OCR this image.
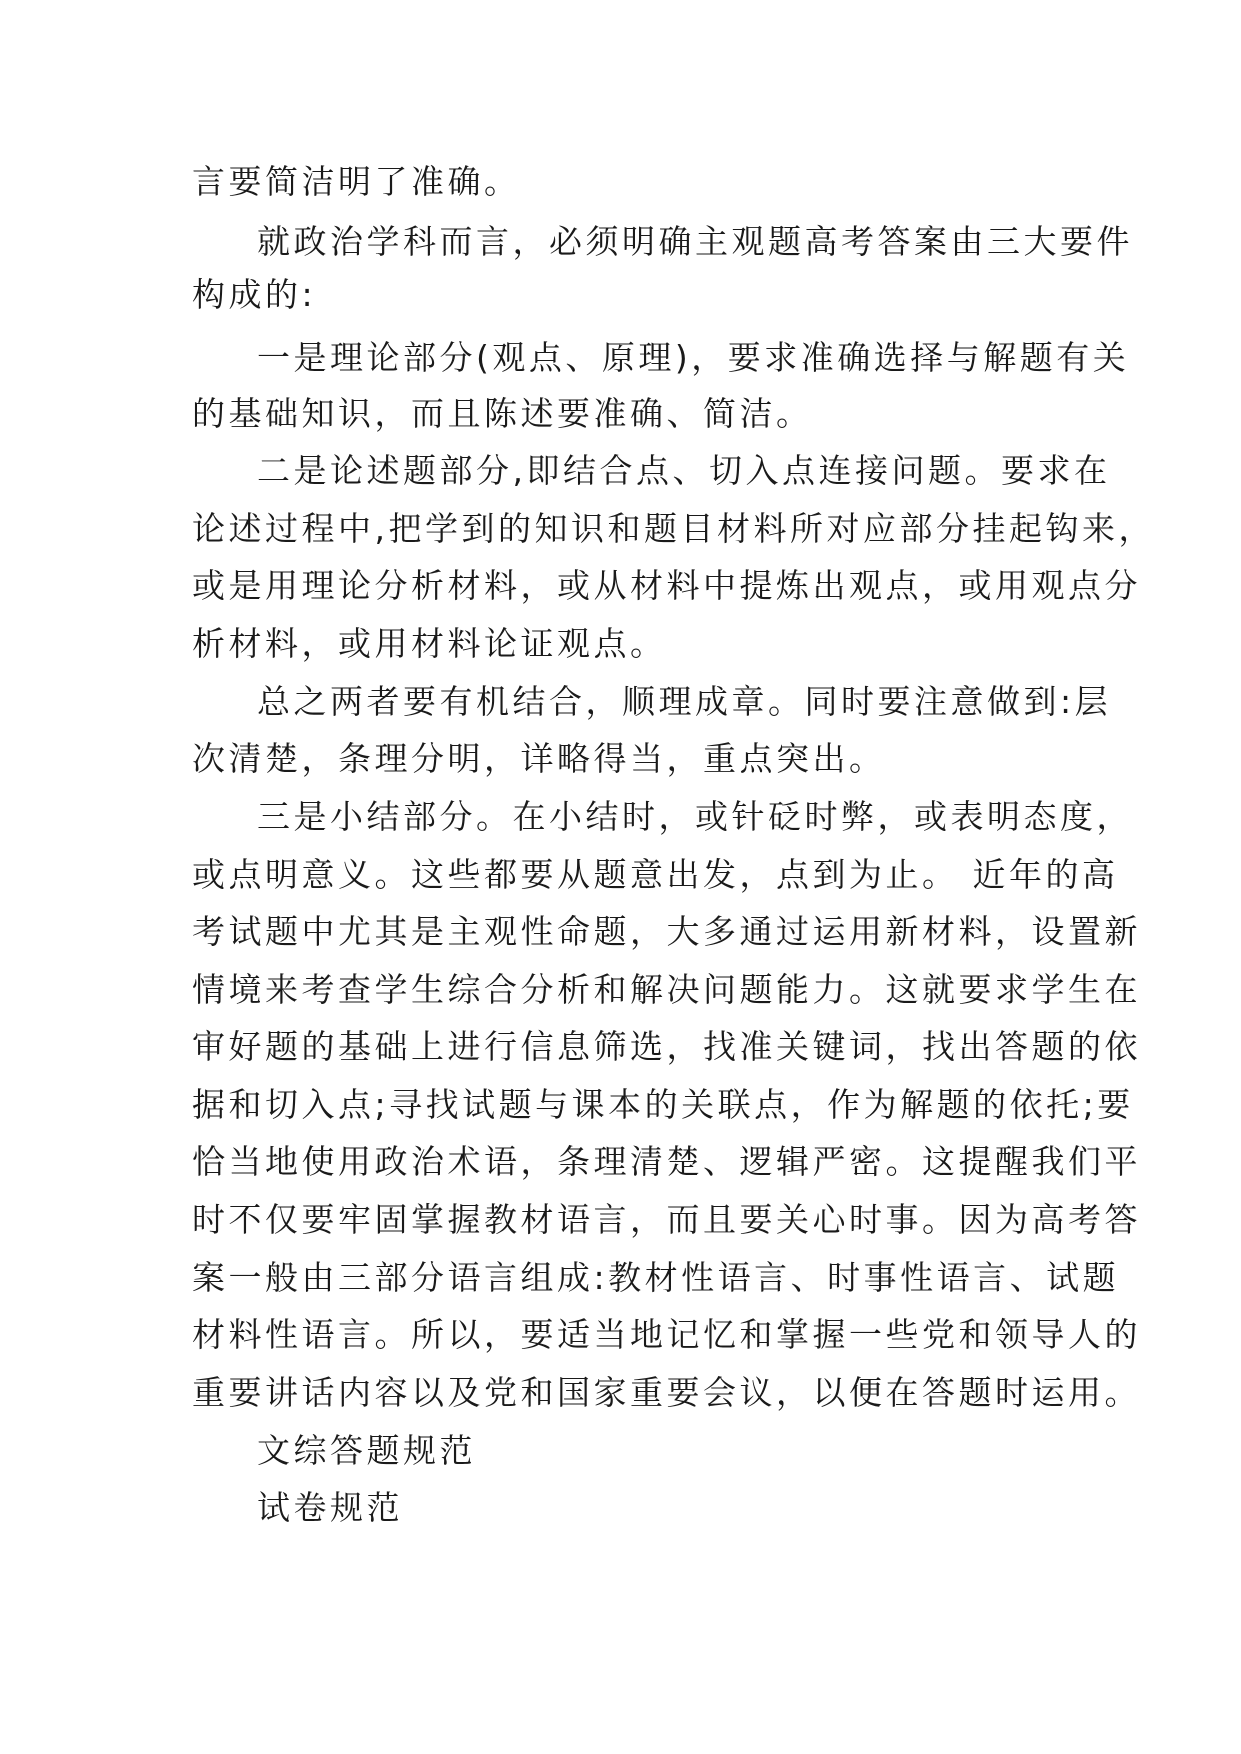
言要简洁明了准确。
就政治学科而言，必须明确主观题高考答案由三大要件
构成的:
一是理论部分(观点、原理)，要求准确选择与解题有关
的基础知识，而且陈述要准确、简洁。
二是论述题部分,即结合点、切入点连接问题。要求在
论述过程中,把学到的知识和题目材料所对应部分挂起钩来，
或是用理论分析材料，或从材料中提炼出观点，或用观点分
析材料，或用材料论证观点。
总之两者要有机结合，顺理成章。同时要注意做到:层
次清楚，条理分明，详略得当，重点突出。
三是小结部分。在小结时，或针砭时弊，或表明态度，
或点明意义。这些都要从题意出发，点到为止。 近年的高
考试题中尤其是主观性命题，大多通过运用新材料，设置新
情境来考查学生综合分析和解决问题能力。这就要求学生在
审好题的基础上进行信息筛选，找准关键词，找出答题的依
据和切入点;寻找试题与课本的关联点，作为解题的依托;要
恰当地使用政治术语，条理清楚、逻辑严密。这提醒我们平
时不仅要牢固掌握教材语言，而且要关心时事。因为高考答
案一般由三部分语言组成:教材性语言、时事性语言、试题
材料性语言。所以，要适当地记忆和掌握一些党和领导人的
重要讲话内容以及党和国家重要会议，以便在答题时运用。
文综答题规范
试卷规范
